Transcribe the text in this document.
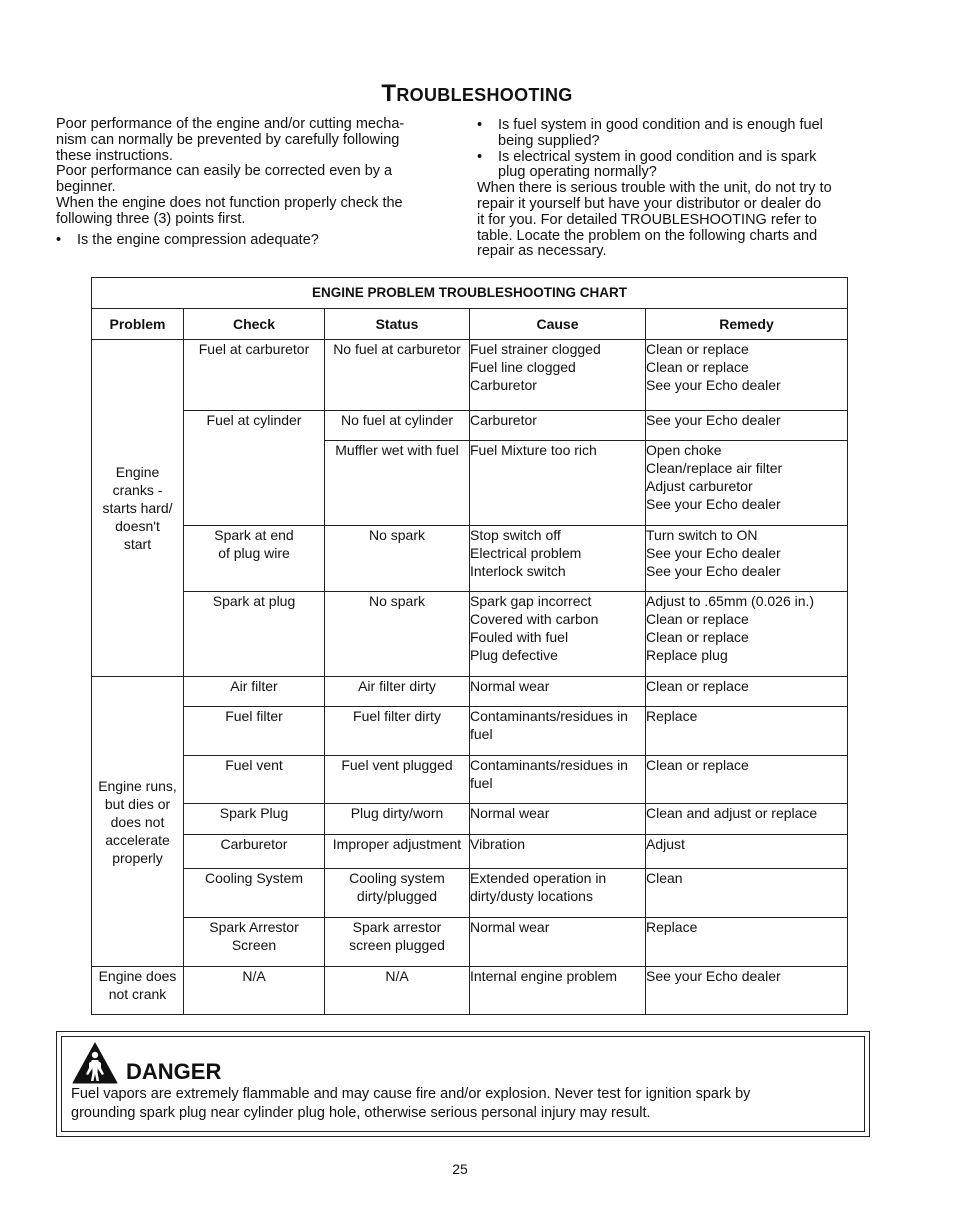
TROUBLESHOOTING

Poor performance of the engine and/or cutting mecha-
nism can normally be prevented by carefully following
these instructions.

Poor performance can easily be corrected even by a
beginner.

When the engine does not function properly check the
following three (3) points first.

• Is the engine compression adequate?

• Is fuel system in good condition and is enough fuel
being supplied?

• Is electrical system in good condition and is spark
plug operating normally?

When there is serious trouble with the unit, do not try to
repair it yourself but have your distributor or dealer do
it for you. For detailed TROUBLESHOOTING refer to
table. Locate the problem on the following charts and
repair as necessary.

ENGINE PROBLEM TROUBLESHOOTING CHART				
Problem	Check	Status	Cause	Remedy

Engine
cranks -
starts hard/
doesn't
start	Fuel at carburetor	No fuel at carburetor	Fuel strainer clogged
Fuel line clogged
Carburetor	Clean or replace
Clean or replace
See your Echo dealer

	Fuel at cylinder	No fuel at cylinder	Carburetor	See your Echo dealer

		Muffler wet with fuel	Fuel Mixture too rich	Open choke
Clean/replace air filter
Adjust carburetor
See your Echo dealer

	Spark at end
of plug wire	No spark	Stop switch off
Electrical problem
Interlock switch	Turn switch to ON
See your Echo dealer
See your Echo dealer

	Spark at plug	No spark	Spark gap incorrect
Covered with carbon
Fouled with fuel
Plug defective	Adjust to .65mm (0.026 in.)
Clean or replace
Clean or replace
Replace plug

Engine runs,
but dies or
does not
accelerate
properly	Air filter	Air filter dirty	Normal wear	Clean or replace

	Fuel filter	Fuel filter dirty	Contaminants/residues in
fuel	Replace

	Fuel vent	Fuel vent plugged	Contaminants/residues in
fuel	Clean or replace

	Spark Plug	Plug dirty/worn	Normal wear	Clean and adjust or replace

	Carburetor	Improper adjustment	Vibration	Adjust

	Cooling System	Cooling system
dirty/plugged	Extended operation in
dirty/dusty locations	Clean

	Spark Arrestor
Screen	Spark arrestor
screen plugged	Normal wear	Replace

Engine does
not crank	N/A	N/A	Internal engine problem	See your Echo dealer
DANGER
Fuel vapors are extremely flammable and may cause fire and/or explosion. Never test for ignition spark by
grounding spark plug near cylinder plug hole, otherwise serious personal injury may result.
25
